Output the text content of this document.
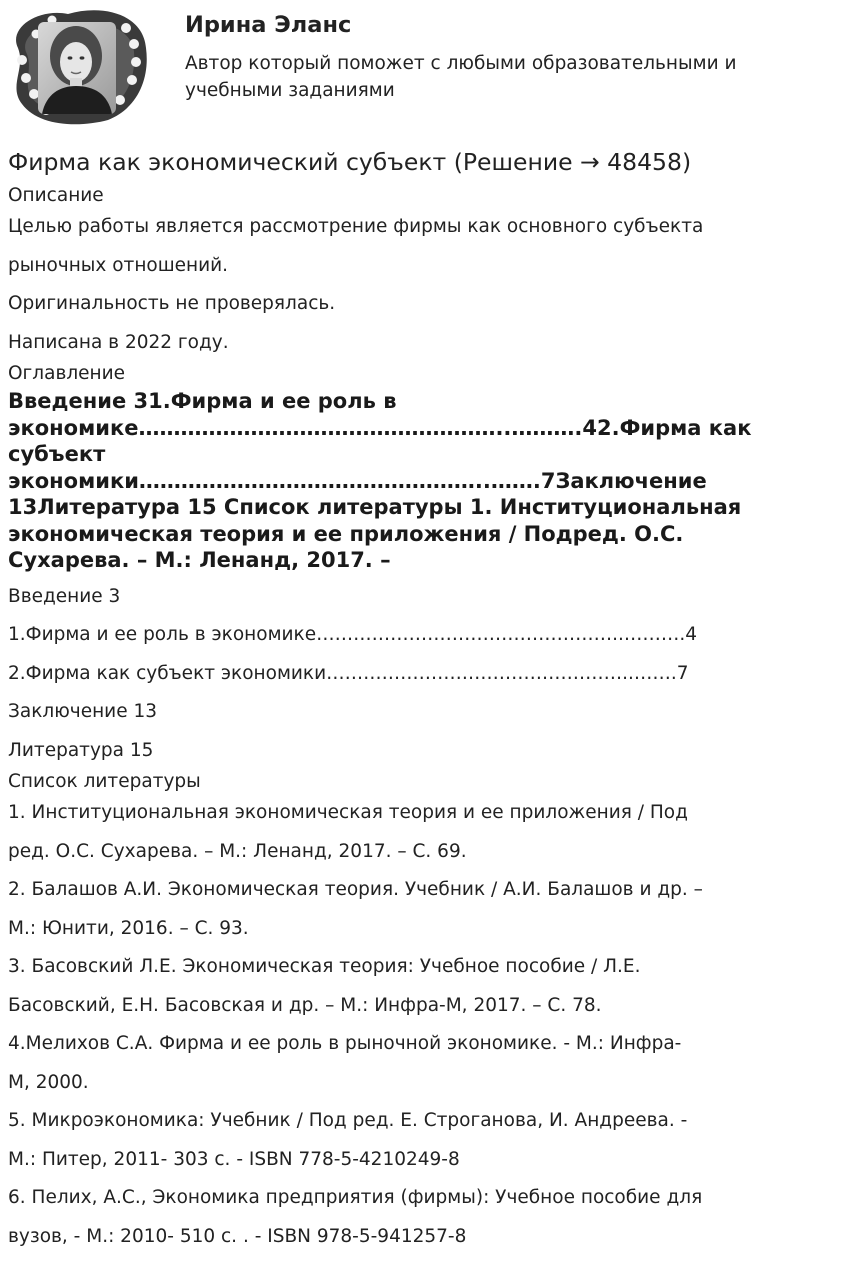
Ирина Эланс
Автор который поможет с любыми образовательными и учебными заданиями
Фирма как экономический субъект (Решение → 48458)
Описание

Целью работы является рассмотрение фирмы как основного субъекта

рыночных отношений.

Оригинальность не проверялась.

Написана в 2022 году.

Оглавление
Введение 31.Фирма и ее роль в экономике……………………………………………..……….42.Фирма как субъект экономики…………………………………………..…….7Заключение 13Литература 15 Список литературы 1. Институциональная экономическая теория и ее приложения / Подред. О.С. Сухарева. – М.: Ленанд, 2017. –

Введение 3

1.Фирма и ее роль в экономике…………………………………………..……….4

2.Фирма как субъект экономики…………………………………………..…….7

Заключение 13

Литература 15

Список литературы

1. Институциональная экономическая теория и ее приложения / Под

ред. О.С. Сухарева. – М.: Ленанд, 2017. – С. 69.

2. Балашов А.И. Экономическая теория. Учебник / А.И. Балашов и др. –

М.: Юнити, 2016. – С. 93.

3. Басовский Л.Е. Экономическая теория: Учебное пособие / Л.Е.

Басовский, Е.Н. Басовская и др. – М.: Инфра-М, 2017. – С. 78.

4.Мелихов С.А. Фирма и ее роль в рыночной экономике. - М.: Инфра-

М, 2000.

5. Микроэкономика: Учебник / Под ред. Е. Строганова, И. Андреева. -

М.: Питер, 2011- 303 с. - ISBN 778-5-4210249-8

6. Пелих, А.С., Экономика предприятия (фирмы): Учебное пособие для

вузов, - М.: 2010- 510 с. . - ISBN 978-5-941257-8
